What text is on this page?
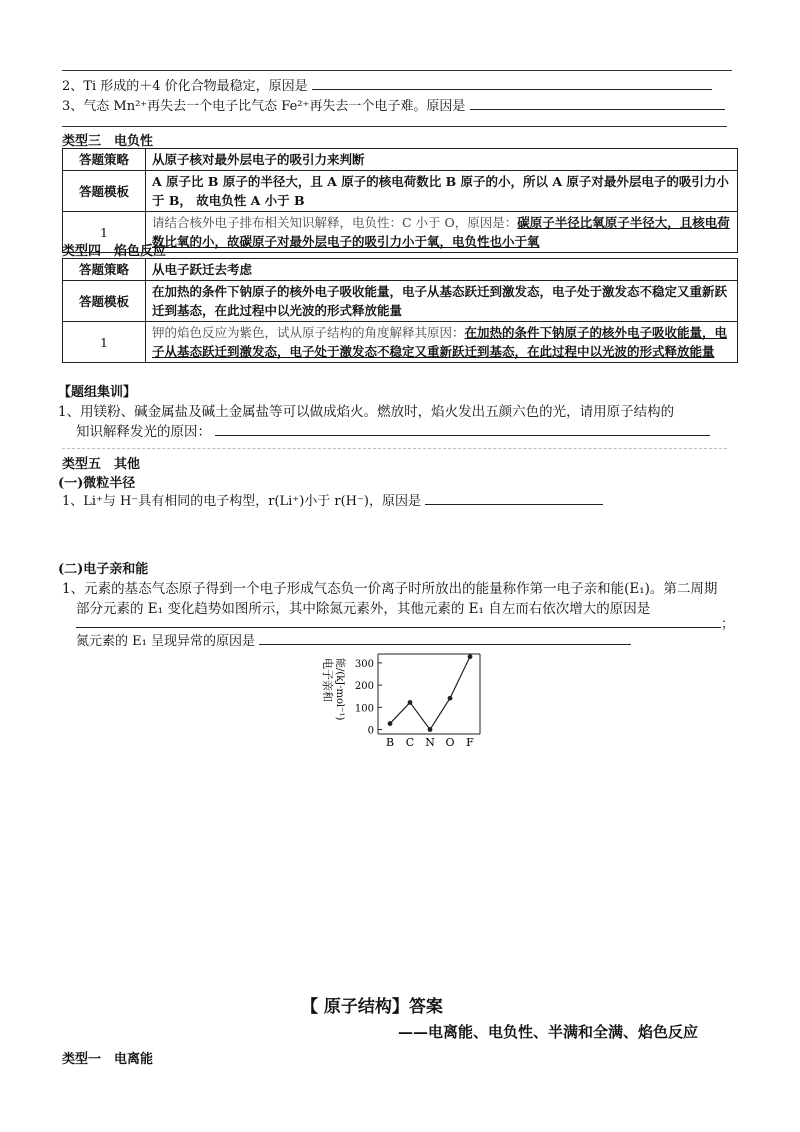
2、Ti 形成的＋4 价化合物最稳定，原因是
3、气态 Mn²⁺再失去一个电子比气态 Fe²⁺再失去一个电子难。原因是
类型三　电负性
答题策略	从原子核对最外层电子的吸引力来判断
答题模板	A 原子比 B 原子的半径大，且 A 原子的核电荷数比 B 原子的小，所以 A 原子对最外层电子的吸引力小于 B， 故电负性 A 小于 B
1	请结合核外电子排布相关知识解释，电负性：C 小于 O，原因是：碳原子半径比氧原子半径大，且核电荷数比氧的小，故碳原子对最外层电子的吸引力小于氧，电负性也小于氧
类型四　焰色反应
答题策略	从电子跃迁去考虑
答题模板	在加热的条件下钠原子的核外电子吸收能量，电子从基态跃迁到激发态，电子处于激发态不稳定又重新跃迁到基态，在此过程中以光波的形式释放能量
1	钾的焰色反应为紫色，试从原子结构的角度解释其原因：在加热的条件下钠原子的核外电子吸收能量，电子从基态跃迁到激发态，电子处于激发态不稳定又重新跃迁到基态，在此过程中以光波的形式释放能量
【题组集训】
1、用镁粉、碱金属盐及碱土金属盐等可以做成焰火。燃放时，焰火发出五颜六色的光，请用原子结构的
知识解释发光的原因：
类型五　其他
(一)微粒半径
1、Li⁺与 H⁻具有相同的电子构型，r(Li⁺)小于 r(H⁻)，原因是
(二)电子亲和能
1、元素的基态气态原子得到一个电子形成气态负一价离子时所放出的能量称作第一电子亲和能(E₁)。第二周期
部分元素的 E₁ 变化趋势如图所示，其中除氮元素外，其他元素的 E₁ 自左而右依次增大的原因是
；
氮元素的 E₁ 呈现异常的原因是
电子亲和 能/(kJ·mol⁻¹) 300
200
100
0
B C N O F
【 原子结构】答案
——电离能、电负性、半满和全满、焰色反应
类型一　电离能
